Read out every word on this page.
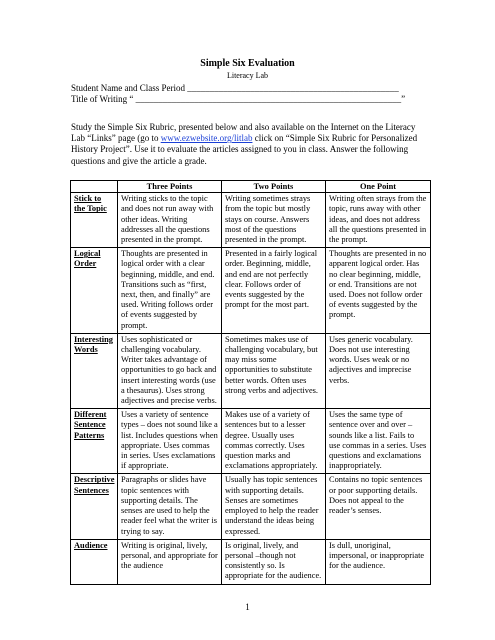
Simple Six Evaluation
Literacy Lab
Student Name and Class Period _______________________________________________
Title of Writing “ ___________________________________________________________”
Study the Simple Six Rubric, presented below and also available on the Internet on the Literacy Lab “Links” page (go to www.ezwebsite.org/litlab click on “Simple Six Rubric for Personalized History Project”. Use it to evaluate the articles assigned to you in class. Answer the following questions and give the article a grade.
	Three Points	Two Points	One Point
Stick to the Topic	Writing sticks to the topic and does not run away with other ideas. Writing addresses all the questions presented in the prompt.	Writing sometimes strays from the topic but mostly stays on course. Answers most of the questions presented in the prompt.	Writing often strays from the topic, runs away with other ideas, and does not address all the questions presented in the prompt.
Logical Order	Thoughts are presented in logical order with a clear beginning, middle, and end. Transitions such as “first, next, then, and finally” are used. Writing follows order of events suggested by prompt.	Presented in a fairly logical order. Beginning, middle, and end are not perfectly clear. Follows order of events suggested by the prompt for the most part.	Thoughts are presented in no apparent logical order. Has no clear beginning, middle, or end. Transitions are not used. Does not follow order of events suggested by the prompt.
Interesting Words	Uses sophisticated or challenging vocabulary. Writer takes advantage of opportunities to go back and insert interesting words (use a thesaurus). Uses strong adjectives and precise verbs.	Sometimes makes use of challenging vocabulary, but may miss some opportunities to substitute better words. Often uses strong verbs and adjectives.	Uses generic vocabulary. Does not use interesting words. Uses weak or no adjectives and imprecise verbs.
Different Sentence Patterns	Uses a variety of sentence types – does not sound like a list. Includes questions when appropriate. Uses commas in series. Uses exclamations if appropriate.	Makes use of a variety of sentences but to a lesser degree. Usually uses commas correctly. Uses question marks and exclamations appropriately.	Uses the same type of sentence over and over – sounds like a list. Fails to use commas in a series. Uses questions and exclamations inappropriately.
Descriptive Sentences	Paragraphs or slides have topic sentences with supporting details. The senses are used to help the reader feel what the writer is trying to say.	Usually has topic sentences with supporting details. Senses are sometimes employed to help the reader understand the ideas being expressed.	Contains no topic sentences or poor supporting details. Does not appeal to the reader’s senses.
Audience	Writing is original, lively, personal, and appropriate for the audience	Is original, lively, and personal –though not consistently so. Is appropriate for the audience.	Is dull, unoriginal, impersonal, or inappropriate for the audience.
1
